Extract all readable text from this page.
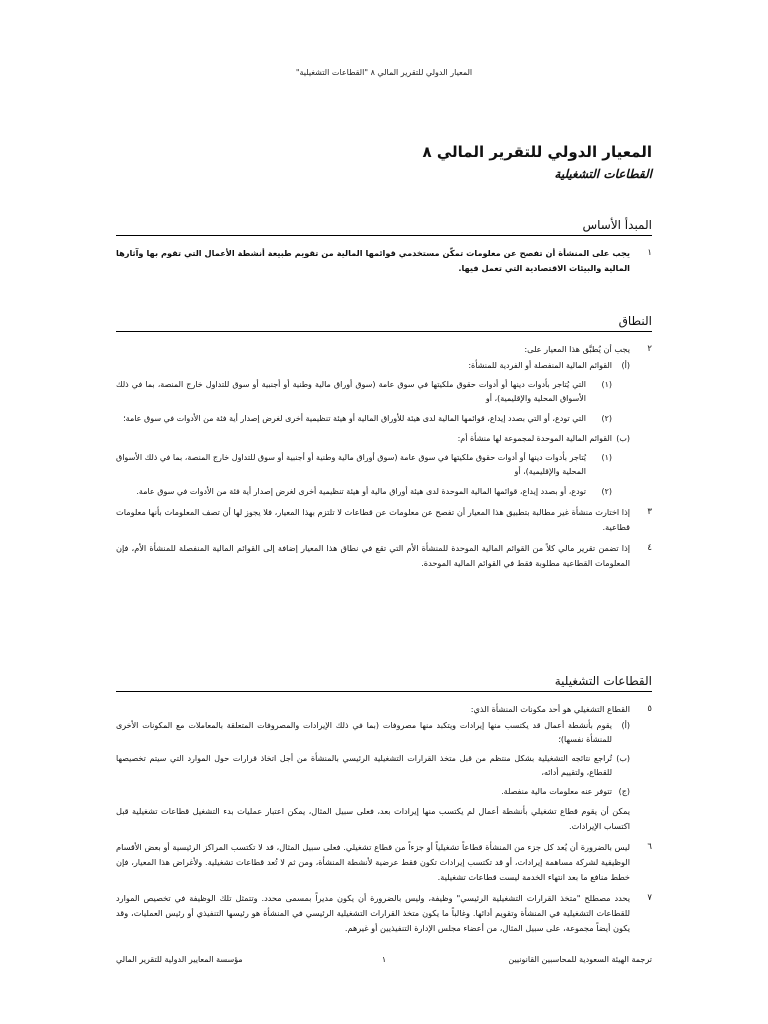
المعيار الدولي للتقرير المالي ٨ "القطاعات التشغيلية"
المعيار الدولي للتقرير المالي ٨
القطاعات التشغيلية
المبدأ الأساس
١
يجب على المنشأة أن تفصح عن معلومات تمكّن مستخدمي قوائمها المالية من تقويم طبيعة أنشطة الأعمال التي تقوم بها وآثارها المالية والبيئات الاقتصادية التي تعمل فيها.
النطاق
٢
يجب أن يُطبَّق هذا المعيار على:
(أ)
القوائم المالية المنفصلة أو الفردية للمنشأة:
(١)
التي يُتاجر بأدوات دينها أو أدوات حقوق ملكيتها في سوق عامة (سوق أوراق مالية وطنية أو أجنبية أو سوق للتداول خارج المنصة، بما في ذلك الأسواق المحلية والإقليمية)، أو
(٢)
التي تودع، أو التي بصدد إيداع، قوائمها المالية لدى هيئة للأوراق المالية أو هيئة تنظيمية أخرى لغرض إصدار أية فئة من الأدوات في سوق عامة؛
(ب)
القوائم المالية الموحدة لمجموعة لها منشأة أم:
(١)
يُتاجر بأدوات دينها أو أدوات حقوق ملكيتها في سوق عامة (سوق أوراق مالية وطنية أو أجنبية أو سوق للتداول خارج المنصة، بما في ذلك الأسواق المحلية والإقليمية)، أو
(٢)
تودع، أو بصدد إيداع، قوائمها المالية الموحدة لدى هيئة أوراق مالية أو هيئة تنظيمية أخرى لغرض إصدار أية فئة من الأدوات في سوق عامة.
٣
إذا اختارت منشأة غير مطالبة بتطبيق هذا المعيار أن تفصح عن معلومات عن قطاعات لا تلتزم بهذا المعيار، فلا يجوز لها أن تصف المعلومات بأنها معلومات قطاعية.
٤
إذا تضمن تقرير مالي كلاً من القوائم المالية الموحدة للمنشأة الأم التي تقع في نطاق هذا المعيار إضافة إلى القوائم المالية المنفصلة للمنشأة الأم، فإن المعلومات القطاعية مطلوبة فقط في القوائم المالية الموحدة.
القطاعات التشغيلية
٥
القطاع التشغيلي هو أحد مكونات المنشأة الذي:
(أ)
يقوم بأنشطة أعمال قد يكتسب منها إيرادات ويتكبد منها مصروفات (بما في ذلك الإيرادات والمصروفات المتعلقة بالمعاملات مع المكونات الأخرى للمنشأة نفسها)؛
(ب)
تُراجع نتائجه التشغيلية بشكل منتظم من قبل متخذ القرارات التشغيلية الرئيسي بالمنشأة من أجل اتخاذ قرارات حول الموارد التي سيتم تخصيصها للقطاع، ولتقييم أدائه،
(ج)
تتوفر عنه معلومات مالية منفصلة.
يمكن أن يقوم قطاع تشغيلي بأنشطة أعمال لم يكتسب منها إيرادات بعد، فعلى سبيل المثال، يمكن اعتبار عمليات بدء التشغيل قطاعات تشغيلية قبل اكتساب الإيرادات.
٦
ليس بالضرورة أن يُعد كل جزء من المنشأة قطاعاً تشغيلياً أو جزءاً من قطاع تشغيلي. فعلى سبيل المثال، قد لا تكتسب المراكز الرئيسية أو بعض الأقسام الوظيفية لشركة مساهمة إيرادات، أو قد تكتسب إيرادات تكون فقط عرضية لأنشطة المنشأة، ومن ثم لا تُعد قطاعات تشغيلية. ولأغراض هذا المعيار، فإن خطط منافع ما بعد انتهاء الخدمة ليست قطاعات تشغيلية.
٧
يحدد مصطلح "متخذ القرارات التشغيلية الرئيسي" وظيفة، وليس بالضرورة أن يكون مديراً بمسمى محدد. وتتمثل تلك الوظيفة في تخصيص الموارد للقطاعات التشغيلية في المنشأة وتقويم أدائها. وغالباً ما يكون متخذ القرارات التشغيلية الرئيسي في المنشأة هو رئيسها التنفيذي أو رئيس العمليات، وقد يكون أيضاً مجموعة، على سبيل المثال، من أعضاء مجلس الإدارة التنفيذيين أو غيرهم.
ترجمة الهيئة السعودية للمحاسبين القانونيين
١
مؤسسة المعايير الدولية للتقرير المالي
